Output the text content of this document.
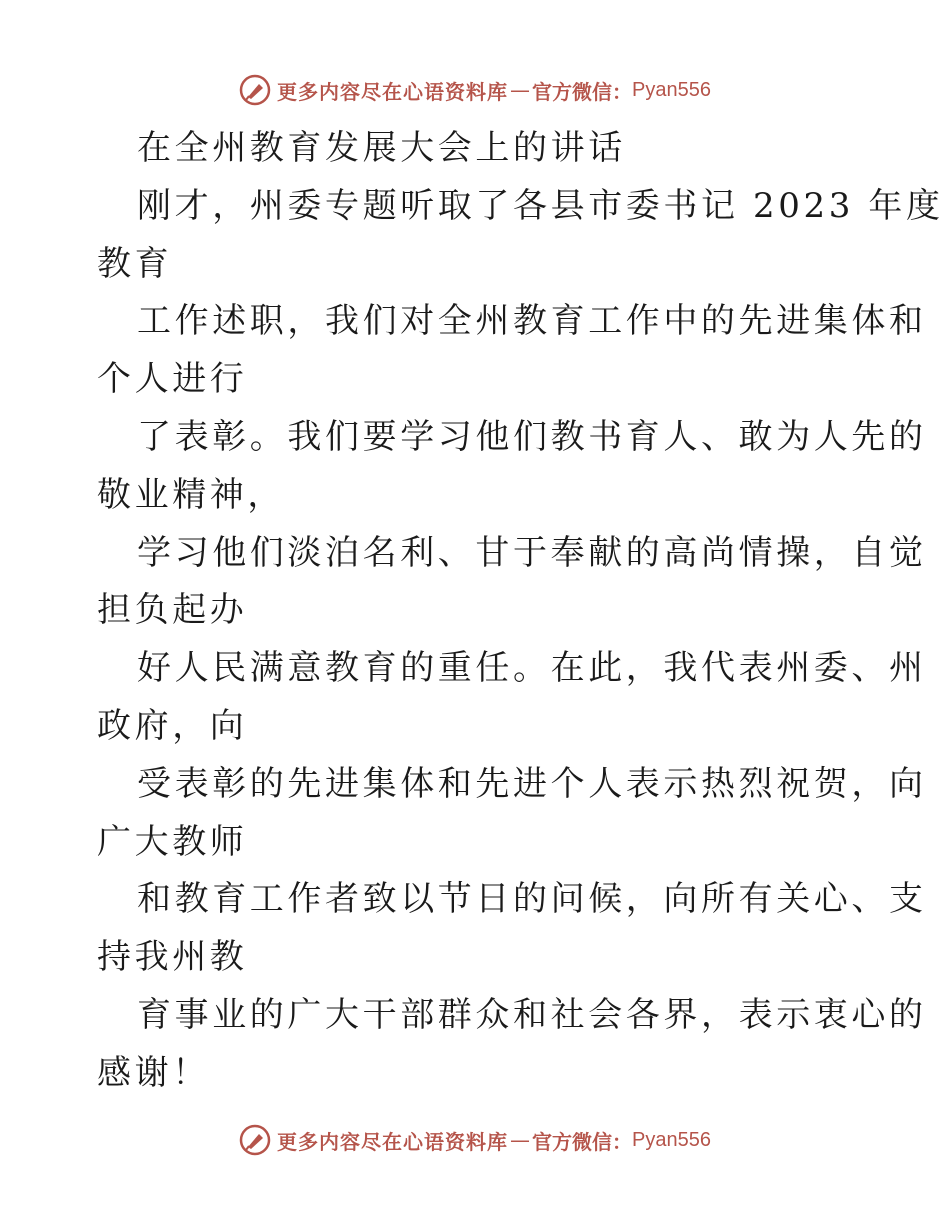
更多内容尽在心语资料库 — 官方微信： Pyan556
在全州教育发展大会上的讲话
刚才，州委专题听取了各县市委书记 2023 年度
教育
工作述职，我们对全州教育工作中的先进集体和
个人进行
了表彰。我们要学习他们教书育人、敢为人先的
敬业精神，
学习他们淡泊名利、甘于奉献的高尚情操，自觉
担负起办
好人民满意教育的重任。在此，我代表州委、州
政府，向
受表彰的先进集体和先进个人表示热烈祝贺，向
广大教师
和教育工作者致以节日的问候，向所有关心、支
持我州教
育事业的广大干部群众和社会各界，表示衷心的
感谢！
更多内容尽在心语资料库 — 官方微信： Pyan556
